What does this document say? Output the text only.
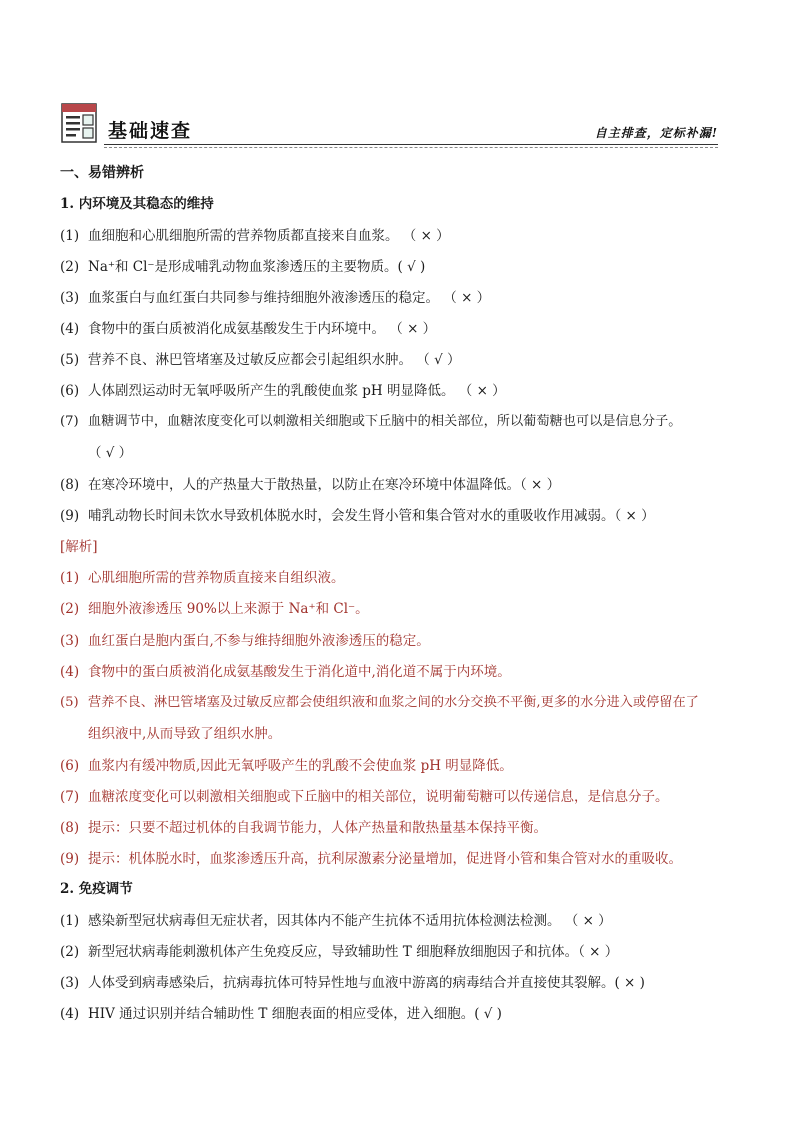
基础速查	自主排查，定标补漏!
一、易错辨析
1. 内环境及其稳态的维持
(1) 血细胞和心肌细胞所需的营养物质都直接来自血浆。 （ × ）
(2) Na⁺和 Cl⁻是形成哺乳动物血浆渗透压的主要物质。( √ )
(3) 血浆蛋白与血红蛋白共同参与维持细胞外液渗透压的稳定。 （ × ）
(4) 食物中的蛋白质被消化成氨基酸发生于内环境中。 （ × ）
(5) 营养不良、淋巴管堵塞及过敏反应都会引起组织水肿。 （ √ ）
(6) 人体剧烈运动时无氧呼吸所产生的乳酸使血浆 pH 明显降低。 （ × ）
(7) 血糖调节中，血糖浓度变化可以刺激相关细胞或下丘脑中的相关部位，所以葡萄糖也可以是信息分子。
（ √ ）
(8) 在寒冷环境中，人的产热量大于散热量，以防止在寒冷环境中体温降低。（ × ）
(9) 哺乳动物长时间未饮水导致机体脱水时，会发生肾小管和集合管对水的重吸收作用减弱。（ × ）
[解析]
(1) 心肌细胞所需的营养物质直接来自组织液。
(2) 细胞外液渗透压 90%以上来源于 Na⁺和 Cl⁻。
(3) 血红蛋白是胞内蛋白,不参与维持细胞外液渗透压的稳定。
(4) 食物中的蛋白质被消化成氨基酸发生于消化道中,消化道不属于内环境。
(5) 营养不良、淋巴管堵塞及过敏反应都会使组织液和血浆之间的水分交换不平衡,更多的水分进入或停留在了
组织液中,从而导致了组织水肿。
(6) 血浆内有缓冲物质,因此无氧呼吸产生的乳酸不会使血浆 pH 明显降低。
(7) 血糖浓度变化可以刺激相关细胞或下丘脑中的相关部位，说明葡萄糖可以传递信息，是信息分子。
(8) 提示：只要不超过机体的自我调节能力，人体产热量和散热量基本保持平衡。
(9) 提示：机体脱水时，血浆渗透压升高，抗利尿激素分泌量增加，促进肾小管和集合管对水的重吸收。
2. 免疫调节
(1) 感染新型冠状病毒但无症状者，因其体内不能产生抗体不适用抗体检测法检测。 （ × ）
(2) 新型冠状病毒能刺激机体产生免疫反应，导致辅助性 T 细胞释放细胞因子和抗体。（ × ）
(3) 人体受到病毒感染后，抗病毒抗体可特异性地与血液中游离的病毒结合并直接使其裂解。( × )
(4) HIV 通过识别并结合辅助性 T 细胞表面的相应受体，进入细胞。( √ )
